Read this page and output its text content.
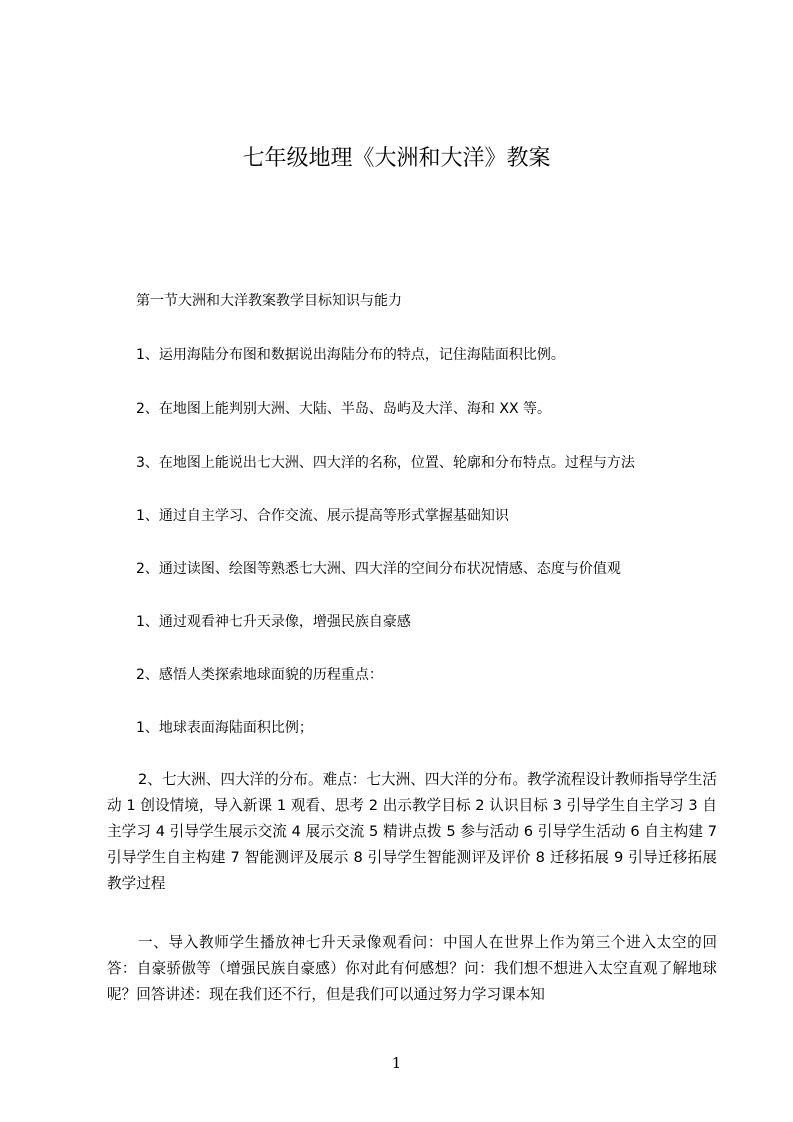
七年级地理《大洲和大洋》教案
第一节大洲和大洋教案教学目标知识与能力
1、运用海陆分布图和数据说出海陆分布的特点，记住海陆面积比例。
2、在地图上能判别大洲、大陆、半岛、岛屿及大洋、海和 XX 等。
3、在地图上能说出七大洲、四大洋的名称，位置、轮廓和分布特点。过程与方法
1、通过自主学习、合作交流、展示提高等形式掌握基础知识
2、通过读图、绘图等熟悉七大洲、四大洋的空间分布状况情感、态度与价值观
1、通过观看神七升天录像，增强民族自豪感
2、感悟人类探索地球面貌的历程重点：
1、地球表面海陆面积比例；
2、七大洲、四大洋的分布。难点：七大洲、四大洋的分布。教学流程设计教师指导学生活动 1 创设情境，导入新课 1 观看、思考 2 出示教学目标 2 认识目标 3 引导学生自主学习 3 自主学习 4 引导学生展示交流 4 展示交流 5 精讲点拨 5 参与活动 6 引导学生活动 6 自主构建 7 引导学生自主构建 7 智能测评及展示 8 引导学生智能测评及评价 8 迁移拓展 9 引导迁移拓展教学过程
一、导入教师学生播放神七升天录像观看问：中国人在世界上作为第三个进入太空的回答：自豪骄傲等（增强民族自豪感）你对此有何感想？问：我们想不想进入太空直观了解地球呢？回答讲述：现在我们还不行，但是我们可以通过努力学习课本知
1
